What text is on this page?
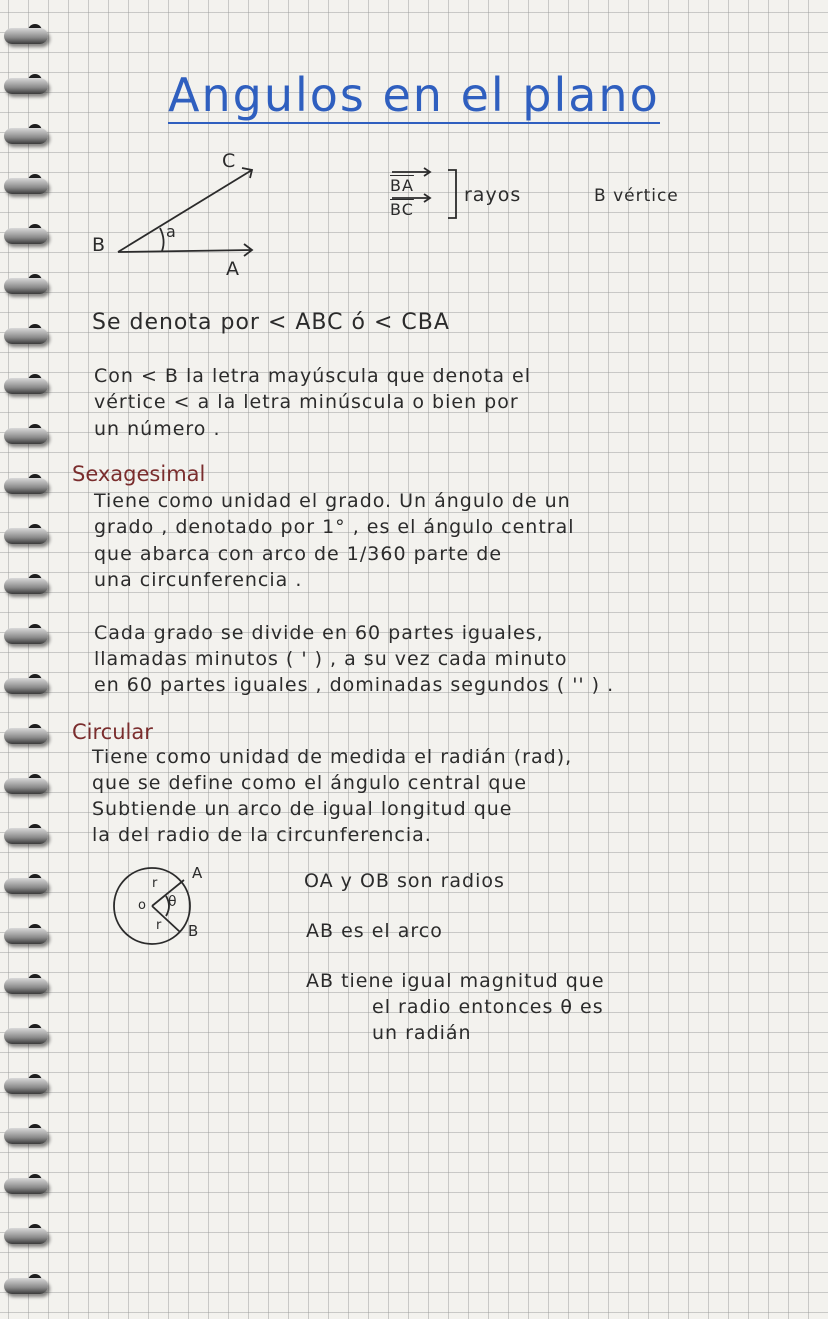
Angulos en el plano
B
A
C
a
$\overline{BA}$
$\overline{BC}$
rayos	B vértice
Se denota por < ABC ó < CBA
Con < B la letra mayúscula que denota el
vértice < a la letra minúscula o bien por
un número .
Sexagesimal
Tiene como unidad el grado. Un ángulo de un
grado , denotado por 1° , es el ángulo central
que abarca con arco de 1/360 parte de
una circunferencia .
Cada grado se divide en 60 partes iguales,
llamadas minutos ( ' ) , a su vez cada minuto
en 60 partes iguales , dominadas segundos ( '' ) .
Circular
Tiene como unidad de medida el radián (rad),
que se define como el ángulo central que
Subtiende un arco de igual longitud que
la del radio de la circunferencia.
A
B
o
r
r
θ
OA y OB son radios
AB es el arco
AB tiene igual magnitud que
el radio entonces θ es
un radián
